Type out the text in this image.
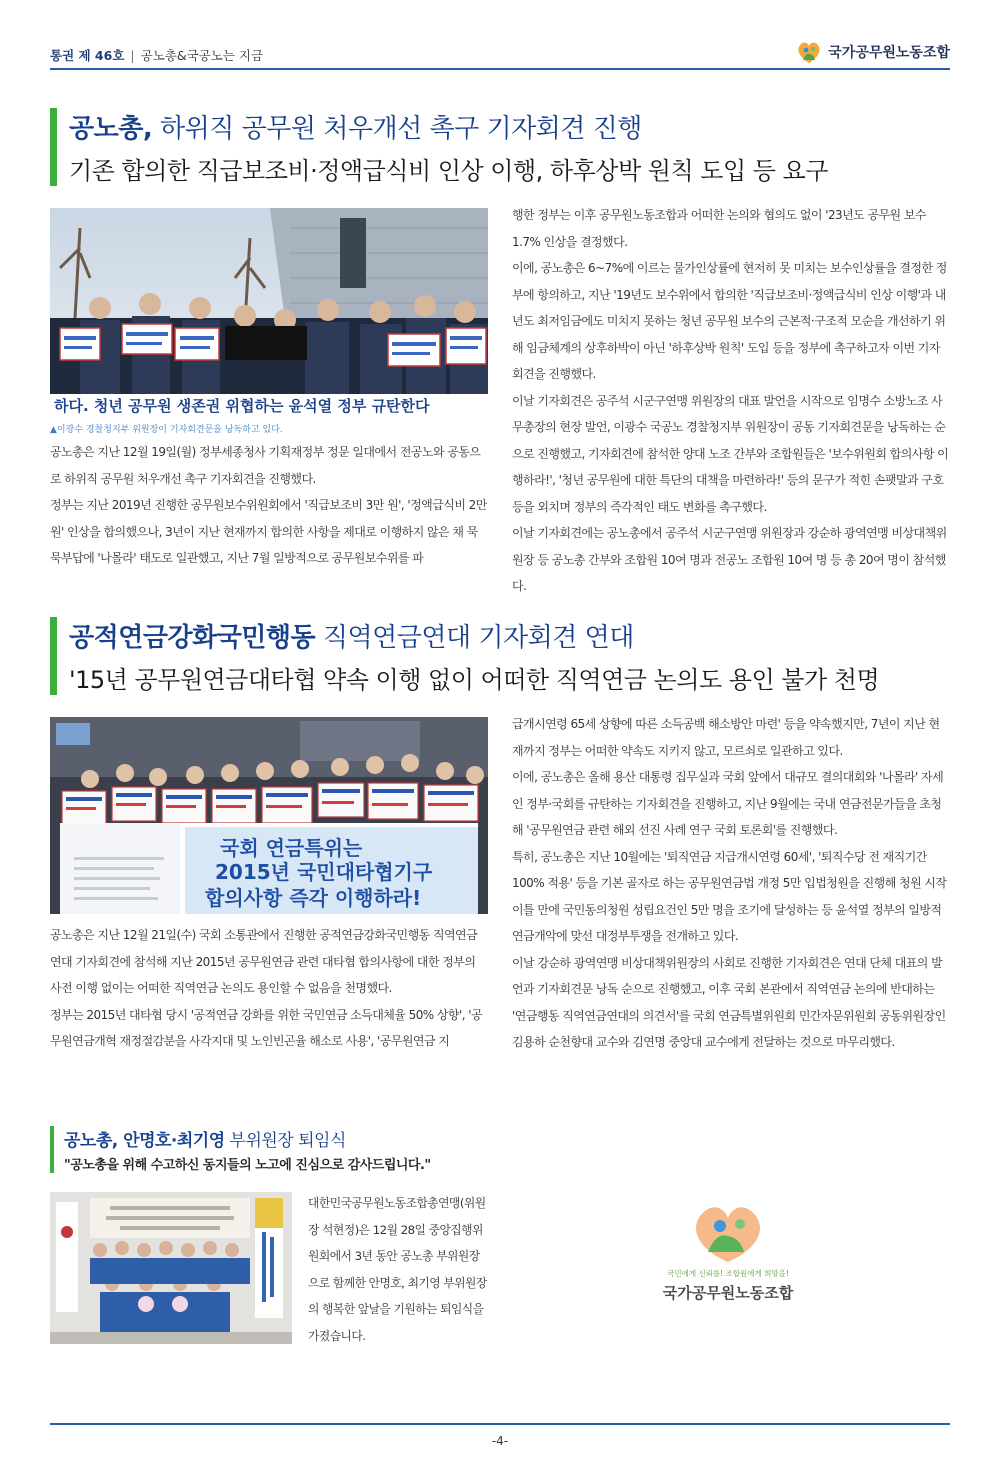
통권 제 46호 | 공노총&국공노는 지금	국가공무원노동조합
공노총, 하위직 공무원 처우개선 촉구 기자회견 진행
기존 합의한 직급보조비·정액급식비 인상 이행, 하후상박 원칙 도입 등 요구
하다. 청년 공무원 생존권 위협하는 윤석열 정부 규탄한다
▲이광수 경찰청지부 위원장이 기자회견문을 낭독하고 있다.

공노총은 지난 12월 19일(월) 정부세종청사 기획재정부 정문 일대에서 전공노와 공동으로 하위직 공무원 처우개선 촉구 기자회견을 진행했다.

정부는 지난 2019년 진행한 공무원보수위원회에서 '직급보조비 3만 원', '정액급식비 2만 원' 인상을 합의했으나, 3년이 지난 현재까지 합의한 사항을 제대로 이행하지 않은 채 묵묵부답에 '나몰라' 태도로 일관했고, 지난 7월 일방적으로 공무원보수위를 파

행한 정부는 이후 공무원노동조합과 어떠한 논의와 협의도 없이 '23년도 공무원 보수 1.7% 인상을 결정했다.

이에, 공노총은 6~7%에 이르는 물가인상률에 현저히 못 미치는 보수인상률을 결정한 정부에 항의하고, 지난 '19년도 보수위에서 합의한 '직급보조비·정액급식비 인상 이행'과 내년도 최저임금에도 미치지 못하는 청년 공무원 보수의 근본적·구조적 모순을 개선하기 위해 임금체계의 상후하박이 아닌 '하후상박 원칙' 도입 등을 정부에 촉구하고자 이번 기자회견을 진행했다.

이날 기자회견은 공주석 시군구연맹 위원장의 대표 발언을 시작으로 임명수 소방노조 사무총장의 현장 발언, 이광수 국공노 경찰청지부 위원장이 공동 기자회견문을 낭독하는 순으로 진행했고, 기자회견에 참석한 양대 노조 간부와 조합원들은 '보수위원회 합의사항 이행하라!', '청년 공무원에 대한 특단의 대책을 마련하라!' 등의 문구가 적힌 손팻말과 구호 등을 외치며 정부의 즉각적인 태도 변화를 촉구했다.

이날 기자회견에는 공노총에서 공주석 시군구연맹 위원장과 강순하 광역연맹 비상대책위원장 등 공노총 간부와 조합원 10여 명과 전공노 조합원 10여 명 등 총 20여 명이 참석했다.

공적연금강화국민행동 직역연금연대 기자회견 연대
'15년 공무원연금대타협 약속 이행 없이 어떠한 직역연금 논의도 용인 불가 천명
국회 연금특위는
2015년 국민대타협기구
합의사항 즉각 이행하라!

공노총은 지난 12월 21일(수) 국회 소통관에서 진행한 공적연금강화국민행동 직역연금연대 기자회견에 참석해 지난 2015년 공무원연금 관련 대타협 합의사항에 대한 정부의 사전 이행 없이는 어떠한 직역연금 논의도 용인할 수 없음을 천명했다.

정부는 2015년 대타협 당시 '공적연금 강화를 위한 국민연금 소득대체율 50% 상향', '공무원연금개혁 재정절감분을 사각지대 및 노인빈곤율 해소로 사용', '공무원연금 지

급개시연령 65세 상향에 따른 소득공백 해소방안 마련' 등을 약속했지만, 7년이 지난 현재까지 정부는 어떠한 약속도 지키지 않고, 모르쇠로 일관하고 있다.

이에, 공노총은 올해 용산 대통령 집무실과 국회 앞에서 대규모 결의대회와 '나몰라' 자세인 정부·국회를 규탄하는 기자회견을 진행하고, 지난 9월에는 국내 연금전문가들을 초청해 '공무원연금 관련 해외 선진 사례 연구 국회 토론회'를 진행했다.

특히, 공노총은 지난 10월에는 '퇴직연금 지급개시연령 60세', '퇴직수당 전 재직기간 100% 적용' 등을 기본 골자로 하는 공무원연금법 개정 5만 입법청원을 진행해 청원 시작 이틀 만에 국민동의청원 성립요건인 5만 명을 조기에 달성하는 등 윤석열 정부의 일방적 연금개악에 맞선 대정부투쟁을 전개하고 있다.

이날 강순하 광역연맹 비상대책위원장의 사회로 진행한 기자회견은 연대 단체 대표의 발언과 기자회견문 낭독 순으로 진행했고, 이후 국회 본관에서 직역연금 논의에 반대하는 '연금행동 직역연금연대의 의견서'를 국회 연금특별위원회 민간자문위원회 공동위원장인 김용하 순천향대 교수와 김연명 중앙대 교수에게 전달하는 것으로 마무리했다.

공노총, 안명호·최기영 부위원장 퇴임식
"공노총을 위해 수고하신 동지들의 노고에 진심으로 감사드립니다."
대한민국공무원노동조합총연맹(위원장 석현정)은 12월 28일 중앙집행위원회에서 3년 동안 공노총 부위원장으로 함께한 안명호, 최기영 부위원장의 행복한 앞날을 기원하는 퇴임식을 가졌습니다.
국민에게 신뢰를! 조합원에게 희망을!
국가공무원노동조합
-4-
